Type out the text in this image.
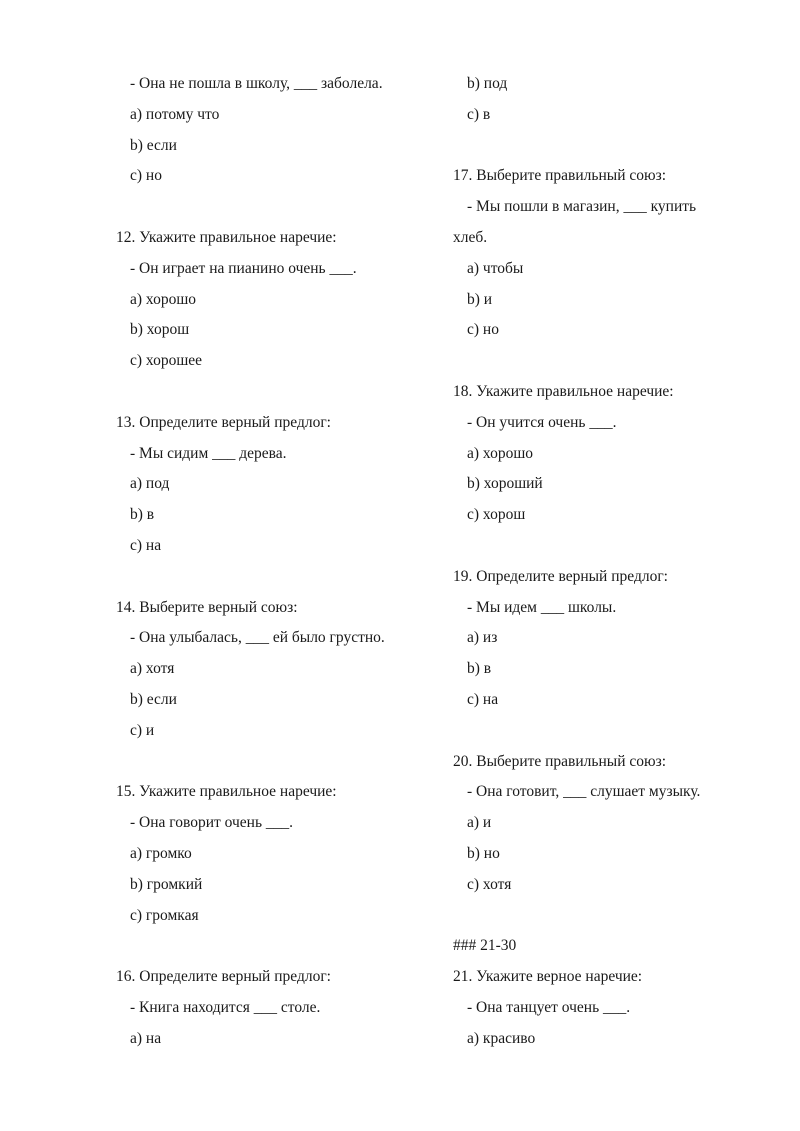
- Она не пошла в школу, ___ заболела.
a) потому что
b) если
c) но
12. Укажите правильное наречие:
- Он играет на пианино очень ___.
a) хорошо
b) хорош
c) хорошее
13. Определите верный предлог:
- Мы сидим ___ дерева.
a) под
b) в
c) на
14. Выберите верный союз:
- Она улыбалась, ___ ей было грустно.
a) хотя
b) если
c) и
15. Укажите правильное наречие:
- Она говорит очень ___.
a) громко
b) громкий
c) громкая
16. Определите верный предлог:
- Книга находится ___ столе.
a) на
b) под
c) в
17. Выберите правильный союз:
- Мы пошли в магазин, ___ купить
хлеб.
a) чтобы
b) и
c) но
18. Укажите правильное наречие:
- Он учится очень ___.
a) хорошо
b) хороший
c) хорош
19. Определите верный предлог:
- Мы идем ___ школы.
a) из
b) в
c) на
20. Выберите правильный союз:
- Она готовит, ___ слушает музыку.
a) и
b) но
c) хотя
### 21-30
21. Укажите верное наречие:
- Она танцует очень ___.
a) красиво
